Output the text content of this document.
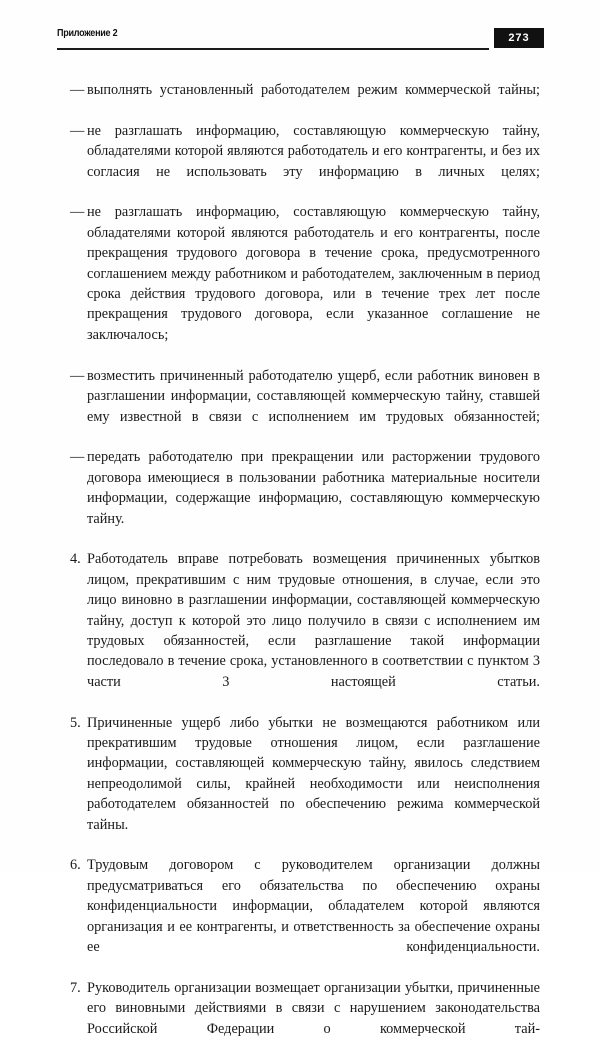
Приложение 2	273
— выполнять установленный работодателем режим коммерческой тайны;
— не разглашать информацию, составляющую коммерческую тайну, обладателями которой являются работодатель и его контрагенты, и без их согласия не использовать эту информацию в личных целях;
— не разглашать информацию, составляющую коммерческую тайну, обладателями которой являются работодатель и его контрагенты, после прекращения трудового договора в течение срока, предусмотренного соглашением между работником и работодателем, заключенным в период срока действия трудового договора, или в течение трех лет после прекращения трудового договора, если указанное соглашение не заключалось;
— возместить причиненный работодателю ущерб, если работник виновен в разглашении информации, составляющей коммерческую тайну, ставшей ему известной в связи с исполнением им трудовых обязанностей;
— передать работодателю при прекращении или расторжении трудового договора имеющиеся в пользовании работника материальные носители информации, содержащие информацию, составляющую коммерческую тайну.
4. Работодатель вправе потребовать возмещения причиненных убытков лицом, прекратившим с ним трудовые отношения, в случае, если это лицо виновно в разглашении информации, составляющей коммерческую тайну, доступ к которой это лицо получило в связи с исполнением им трудовых обязанностей, если разглашение такой информации последовало в течение срока, установленного в соответствии с пунктом 3 части 3 настоящей статьи.
5. Причиненные ущерб либо убытки не возмещаются работником или прекратившим трудовые отношения лицом, если разглашение информации, составляющей коммерческую тайну, явилось следствием непреодолимой силы, крайней необходимости или неисполнения работодателем обязанностей по обеспечению режима коммерческой тайны.
6. Трудовым договором с руководителем организации должны предусматриваться его обязательства по обеспечению охраны конфиденциальности информации, обладателем которой являются организация и ее контрагенты, и ответственность за обеспечение охраны ее конфиденциальности.
7. Руководитель организации возмещает организации убытки, причиненные его виновными действиями в связи с нарушением законодательства Российской Федерации о коммерческой тай-
